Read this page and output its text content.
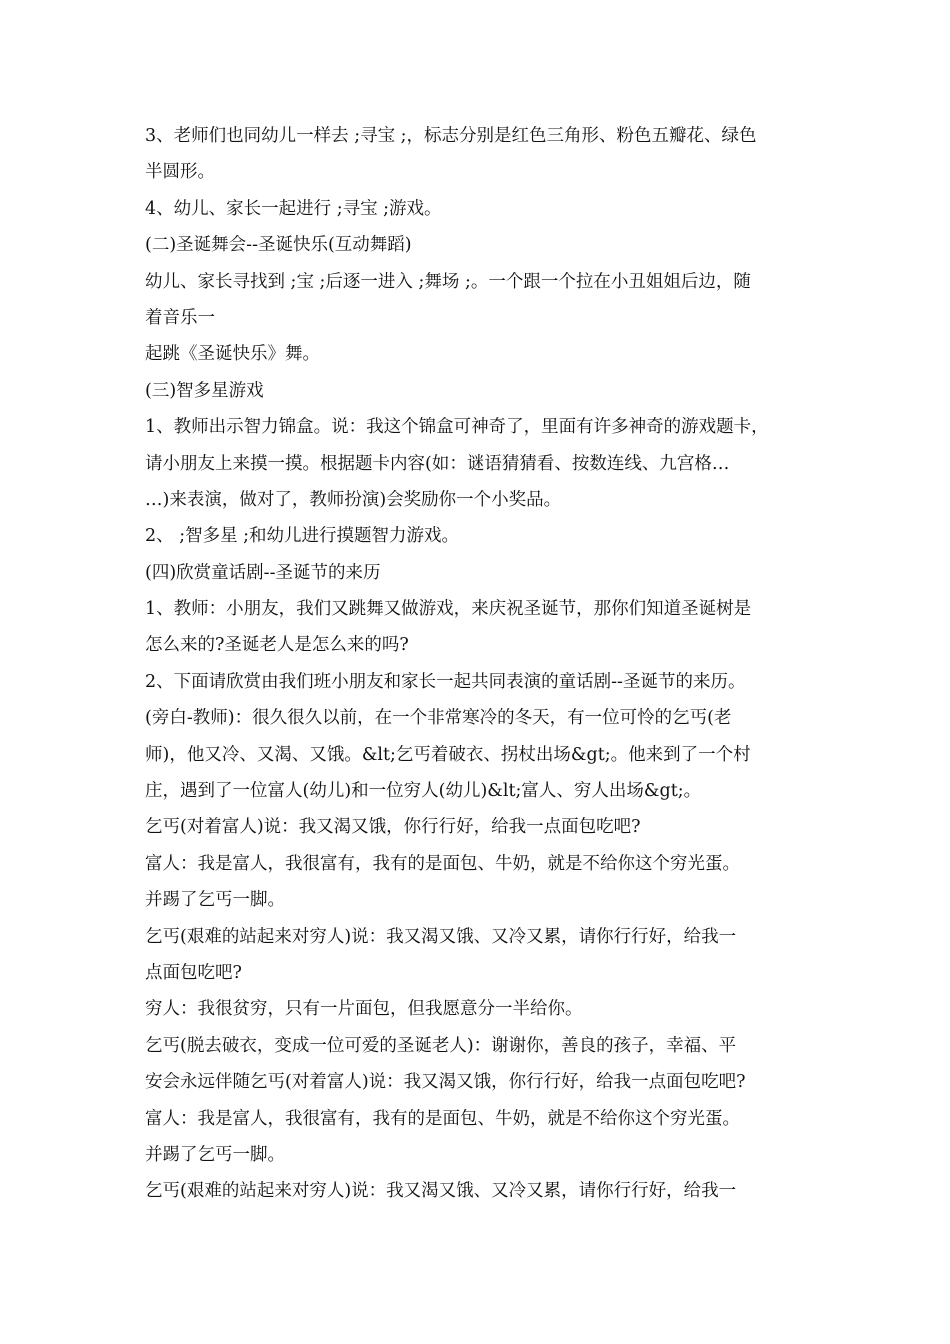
3、老师们也同幼儿一样去 ;寻宝 ;，标志分别是红色三角形、粉色五瓣花、绿色
半圆形。
4、幼儿、家长一起进行 ;寻宝 ;游戏。
(二)圣诞舞会--圣诞快乐(互动舞蹈)
幼儿、家长寻找到 ;宝 ;后逐一进入 ;舞场 ;。一个跟一个拉在小丑姐姐后边，随
着音乐一
起跳《圣诞快乐》舞。
(三)智多星游戏
1、教师出示智力锦盒。说：我这个锦盒可神奇了，里面有许多神奇的游戏题卡，
请小朋友上来摸一摸。根据题卡内容(如：谜语猜猜看、按数连线、九宫格…
…)来表演，做对了，教师扮演)会奖励你一个小奖品。
2、 ;智多星 ;和幼儿进行摸题智力游戏。
(四)欣赏童话剧--圣诞节的来历
1、教师：小朋友，我们又跳舞又做游戏，来庆祝圣诞节，那你们知道圣诞树是
怎么来的?圣诞老人是怎么来的吗?
2、下面请欣赏由我们班小朋友和家长一起共同表演的童话剧--圣诞节的来历。
(旁白-教师)：很久很久以前，在一个非常寒冷的冬天，有一位可怜的乞丐(老
师)，他又冷、又渴、又饿。&lt;乞丐着破衣、拐杖出场&gt;。他来到了一个村
庄，遇到了一位富人(幼儿)和一位穷人(幼儿)&lt;富人、穷人出场&gt;。
乞丐(对着富人)说：我又渴又饿，你行行好，给我一点面包吃吧?
富人：我是富人，我很富有，我有的是面包、牛奶，就是不给你这个穷光蛋。
并踢了乞丐一脚。
乞丐(艰难的站起来对穷人)说：我又渴又饿、又冷又累，请你行行好，给我一
点面包吃吧?
穷人：我很贫穷，只有一片面包，但我愿意分一半给你。
乞丐(脱去破衣，变成一位可爱的圣诞老人)：谢谢你，善良的孩子，幸福、平
安会永远伴随乞丐(对着富人)说：我又渴又饿，你行行好，给我一点面包吃吧?
富人：我是富人，我很富有，我有的是面包、牛奶，就是不给你这个穷光蛋。
并踢了乞丐一脚。
乞丐(艰难的站起来对穷人)说：我又渴又饿、又冷又累，请你行行好，给我一
